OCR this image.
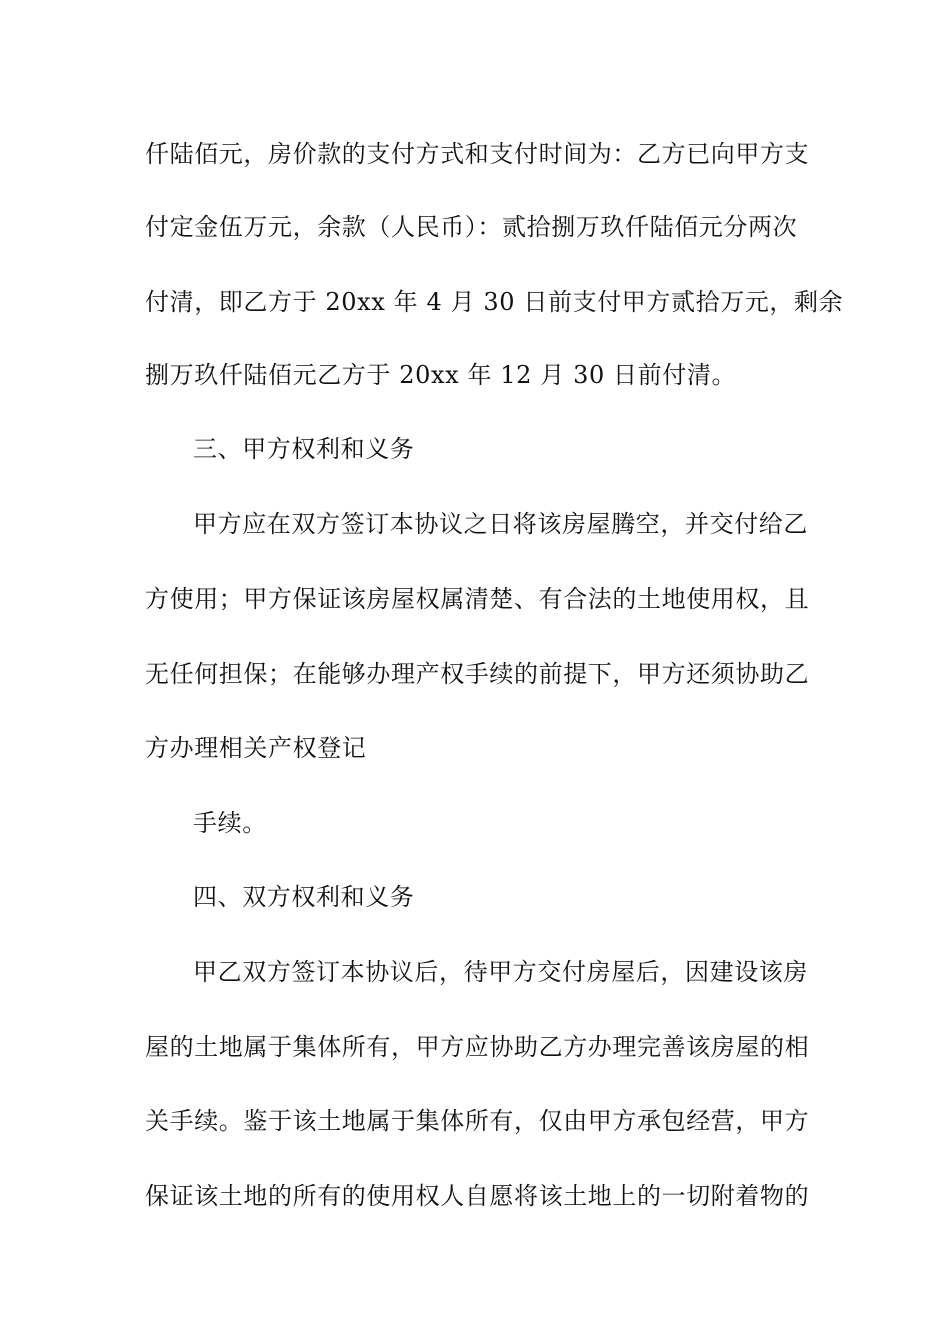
仟陆佰元，房价款的支付方式和支付时间为：乙方已向甲方支
付定金伍万元，余款（人民币）：贰拾捌万玖仟陆佰元分两次
付清，即乙方于 20xx 年 4 月 30 日前支付甲方贰拾万元，剩余
捌万玖仟陆佰元乙方于 20xx 年 12 月 30 日前付清。
三、甲方权利和义务
甲方应在双方签订本协议之日将该房屋腾空，并交付给乙
方使用；甲方保证该房屋权属清楚、有合法的土地使用权，且
无任何担保；在能够办理产权手续的前提下，甲方还须协助乙
方办理相关产权登记
手续。
四、双方权利和义务
甲乙双方签订本协议后，待甲方交付房屋后，因建设该房
屋的土地属于集体所有，甲方应协助乙方办理完善该房屋的相
关手续。鉴于该土地属于集体所有，仅由甲方承包经营，甲方
保证该土地的所有的使用权人自愿将该土地上的一切附着物的
